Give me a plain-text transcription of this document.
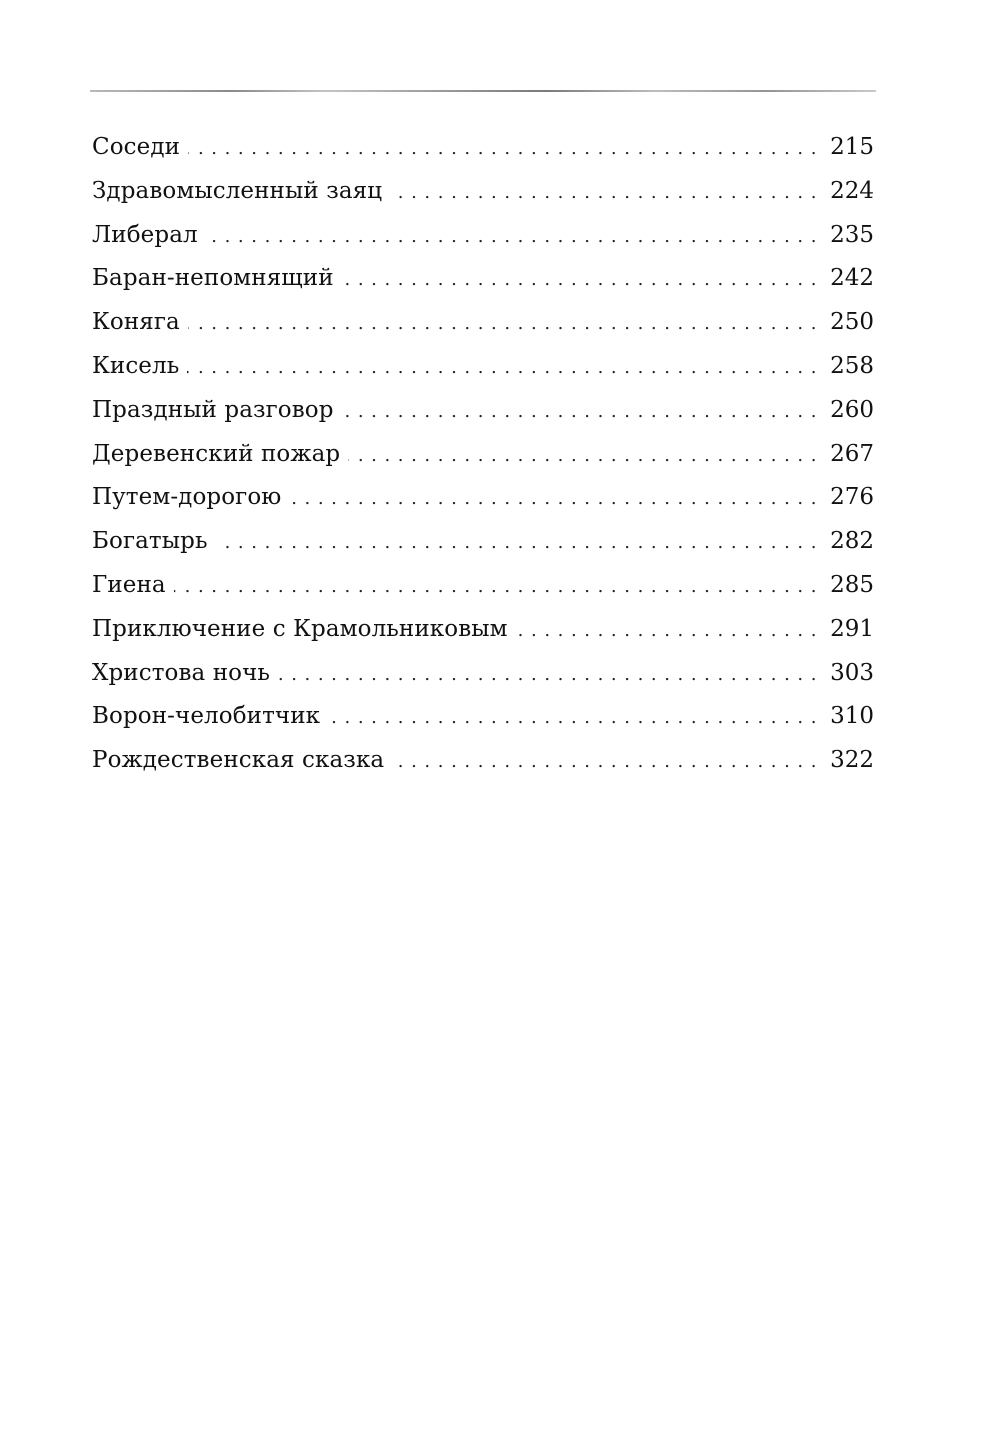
Соседи .....	215
Здравомысленный заяц .....	224
Либерал .....	235
Баран-непомнящий .....	242
Коняга .....	250
Кисель .....	258
Праздный разговор .....	260
Деревенский пожар .....	267
Путем-дорогою .....	276
Богатырь .....	282
Гиена .....	285
Приключение с Крамольниковым .....	291
Христова ночь .....	303
Ворон-челобитчик .....	310
Рождественская сказка .....	322
